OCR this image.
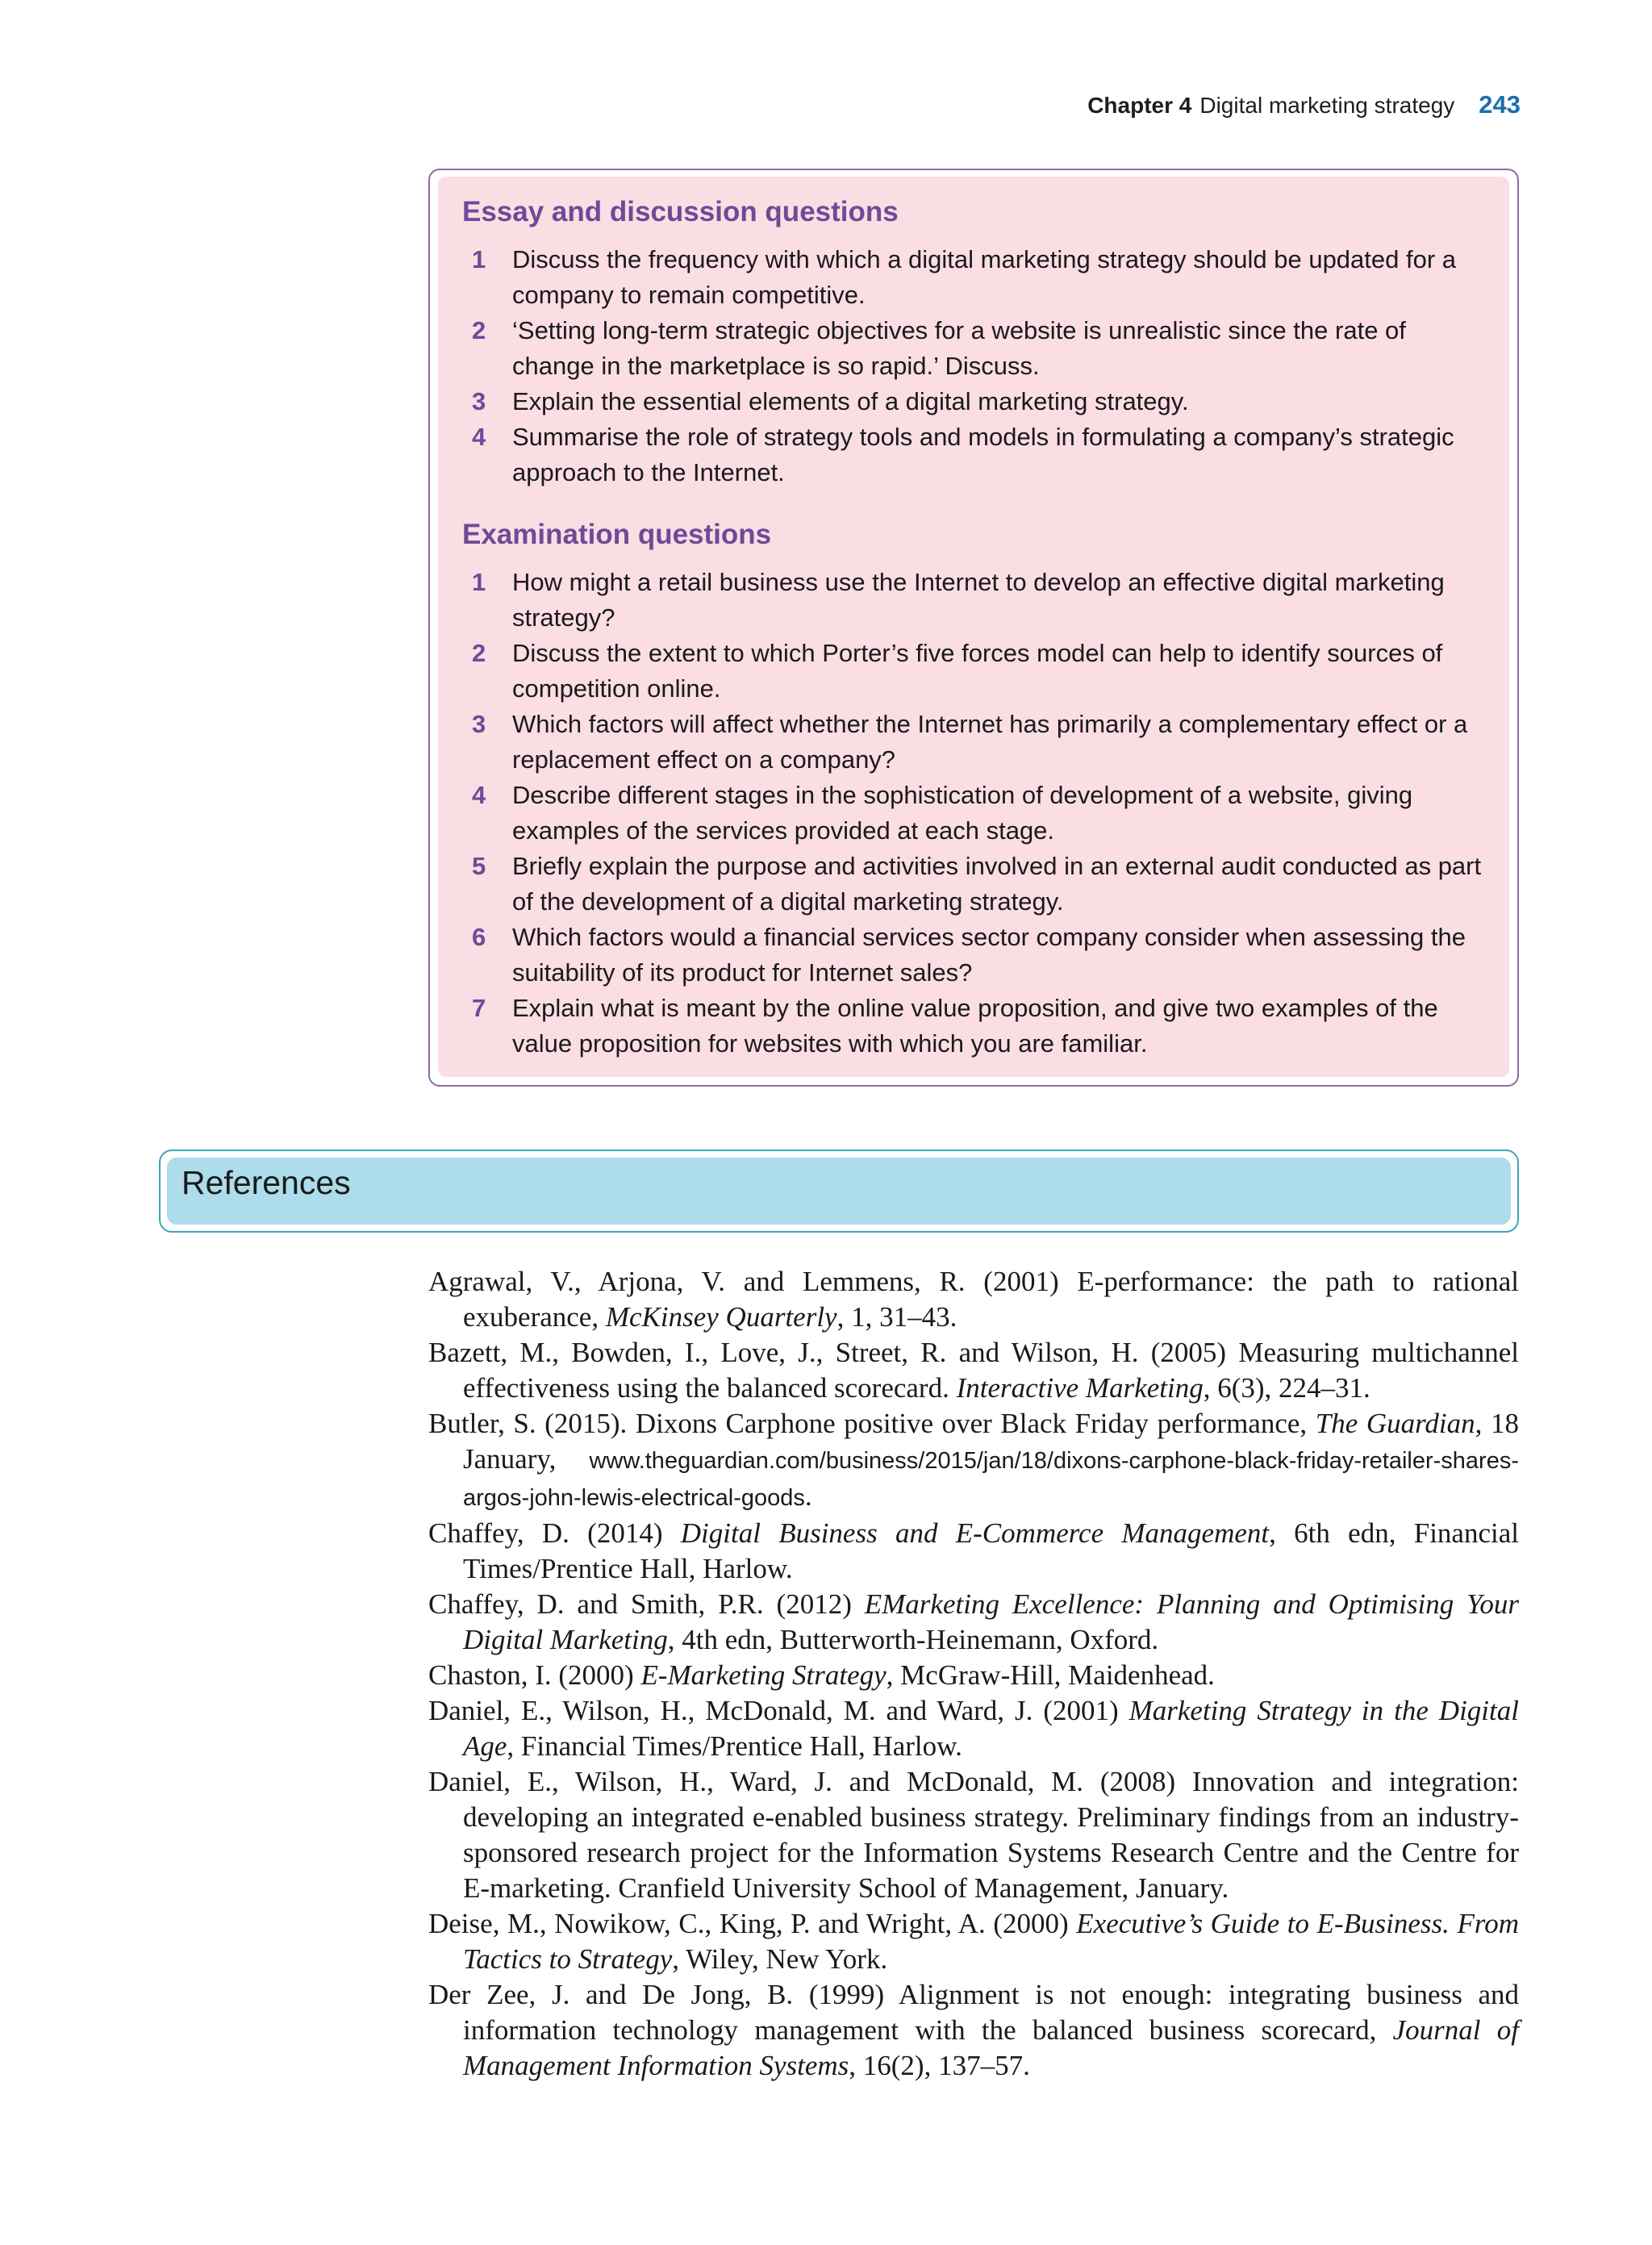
Chapter 4 Digital marketing strategy 243
Essay and discussion questions
1 Discuss the frequency with which a digital marketing strategy should be updated for a company to remain competitive.
2 ‘Setting long-term strategic objectives for a website is unrealistic since the rate of change in the marketplace is so rapid.’ Discuss.
3 Explain the essential elements of a digital marketing strategy.
4 Summarise the role of strategy tools and models in formulating a company’s strategic approach to the Internet.
Examination questions
1 How might a retail business use the Internet to develop an effective digital marketing strategy?
2 Discuss the extent to which Porter’s five forces model can help to identify sources of competition online.
3 Which factors will affect whether the Internet has primarily a complementary effect or a replacement effect on a company?
4 Describe different stages in the sophistication of development of a website, giving examples of the services provided at each stage.
5 Briefly explain the purpose and activities involved in an external audit conducted as part of the development of a digital marketing strategy.
6 Which factors would a financial services sector company consider when assessing the suitability of its product for Internet sales?
7 Explain what is meant by the online value proposition, and give two examples of the value proposition for websites with which you are familiar.
References
Agrawal, V., Arjona, V. and Lemmens, R. (2001) E-performance: the path to rational exuberance, McKinsey Quarterly, 1, 31–43.
Bazett, M., Bowden, I., Love, J., Street, R. and Wilson, H. (2005) Measuring multichannel effectiveness using the balanced scorecard. Interactive Marketing, 6(3), 224–31.
Butler, S. (2015). Dixons Carphone positive over Black Friday performance, The Guardian, 18 January, www.theguardian.com/business/2015/jan/18/dixons-carphone-black-friday-retailer-shares-argos-john-lewis-electrical-goods.
Chaffey, D. (2014) Digital Business and E-Commerce Management, 6th edn, Financial Times/Prentice Hall, Harlow.
Chaffey, D. and Smith, P.R. (2012) EMarketing Excellence: Planning and Optimising Your Digital Marketing, 4th edn, Butterworth-Heinemann, Oxford.
Chaston, I. (2000) E-Marketing Strategy, McGraw-Hill, Maidenhead.
Daniel, E., Wilson, H., McDonald, M. and Ward, J. (2001) Marketing Strategy in the Digital Age, Financial Times/Prentice Hall, Harlow.
Daniel, E., Wilson, H., Ward, J. and McDonald, M. (2008) Innovation and integration: developing an integrated e-enabled business strategy. Preliminary findings from an industry-sponsored research project for the Information Systems Research Centre and the Centre for E-marketing. Cranfield University School of Management, January.
Deise, M., Nowikow, C., King, P. and Wright, A. (2000) Executive’s Guide to E-Business. From Tactics to Strategy, Wiley, New York.
Der Zee, J. and De Jong, B. (1999) Alignment is not enough: integrating business and information technology management with the balanced business scorecard, Journal of Management Information Systems, 16(2), 137–57.
